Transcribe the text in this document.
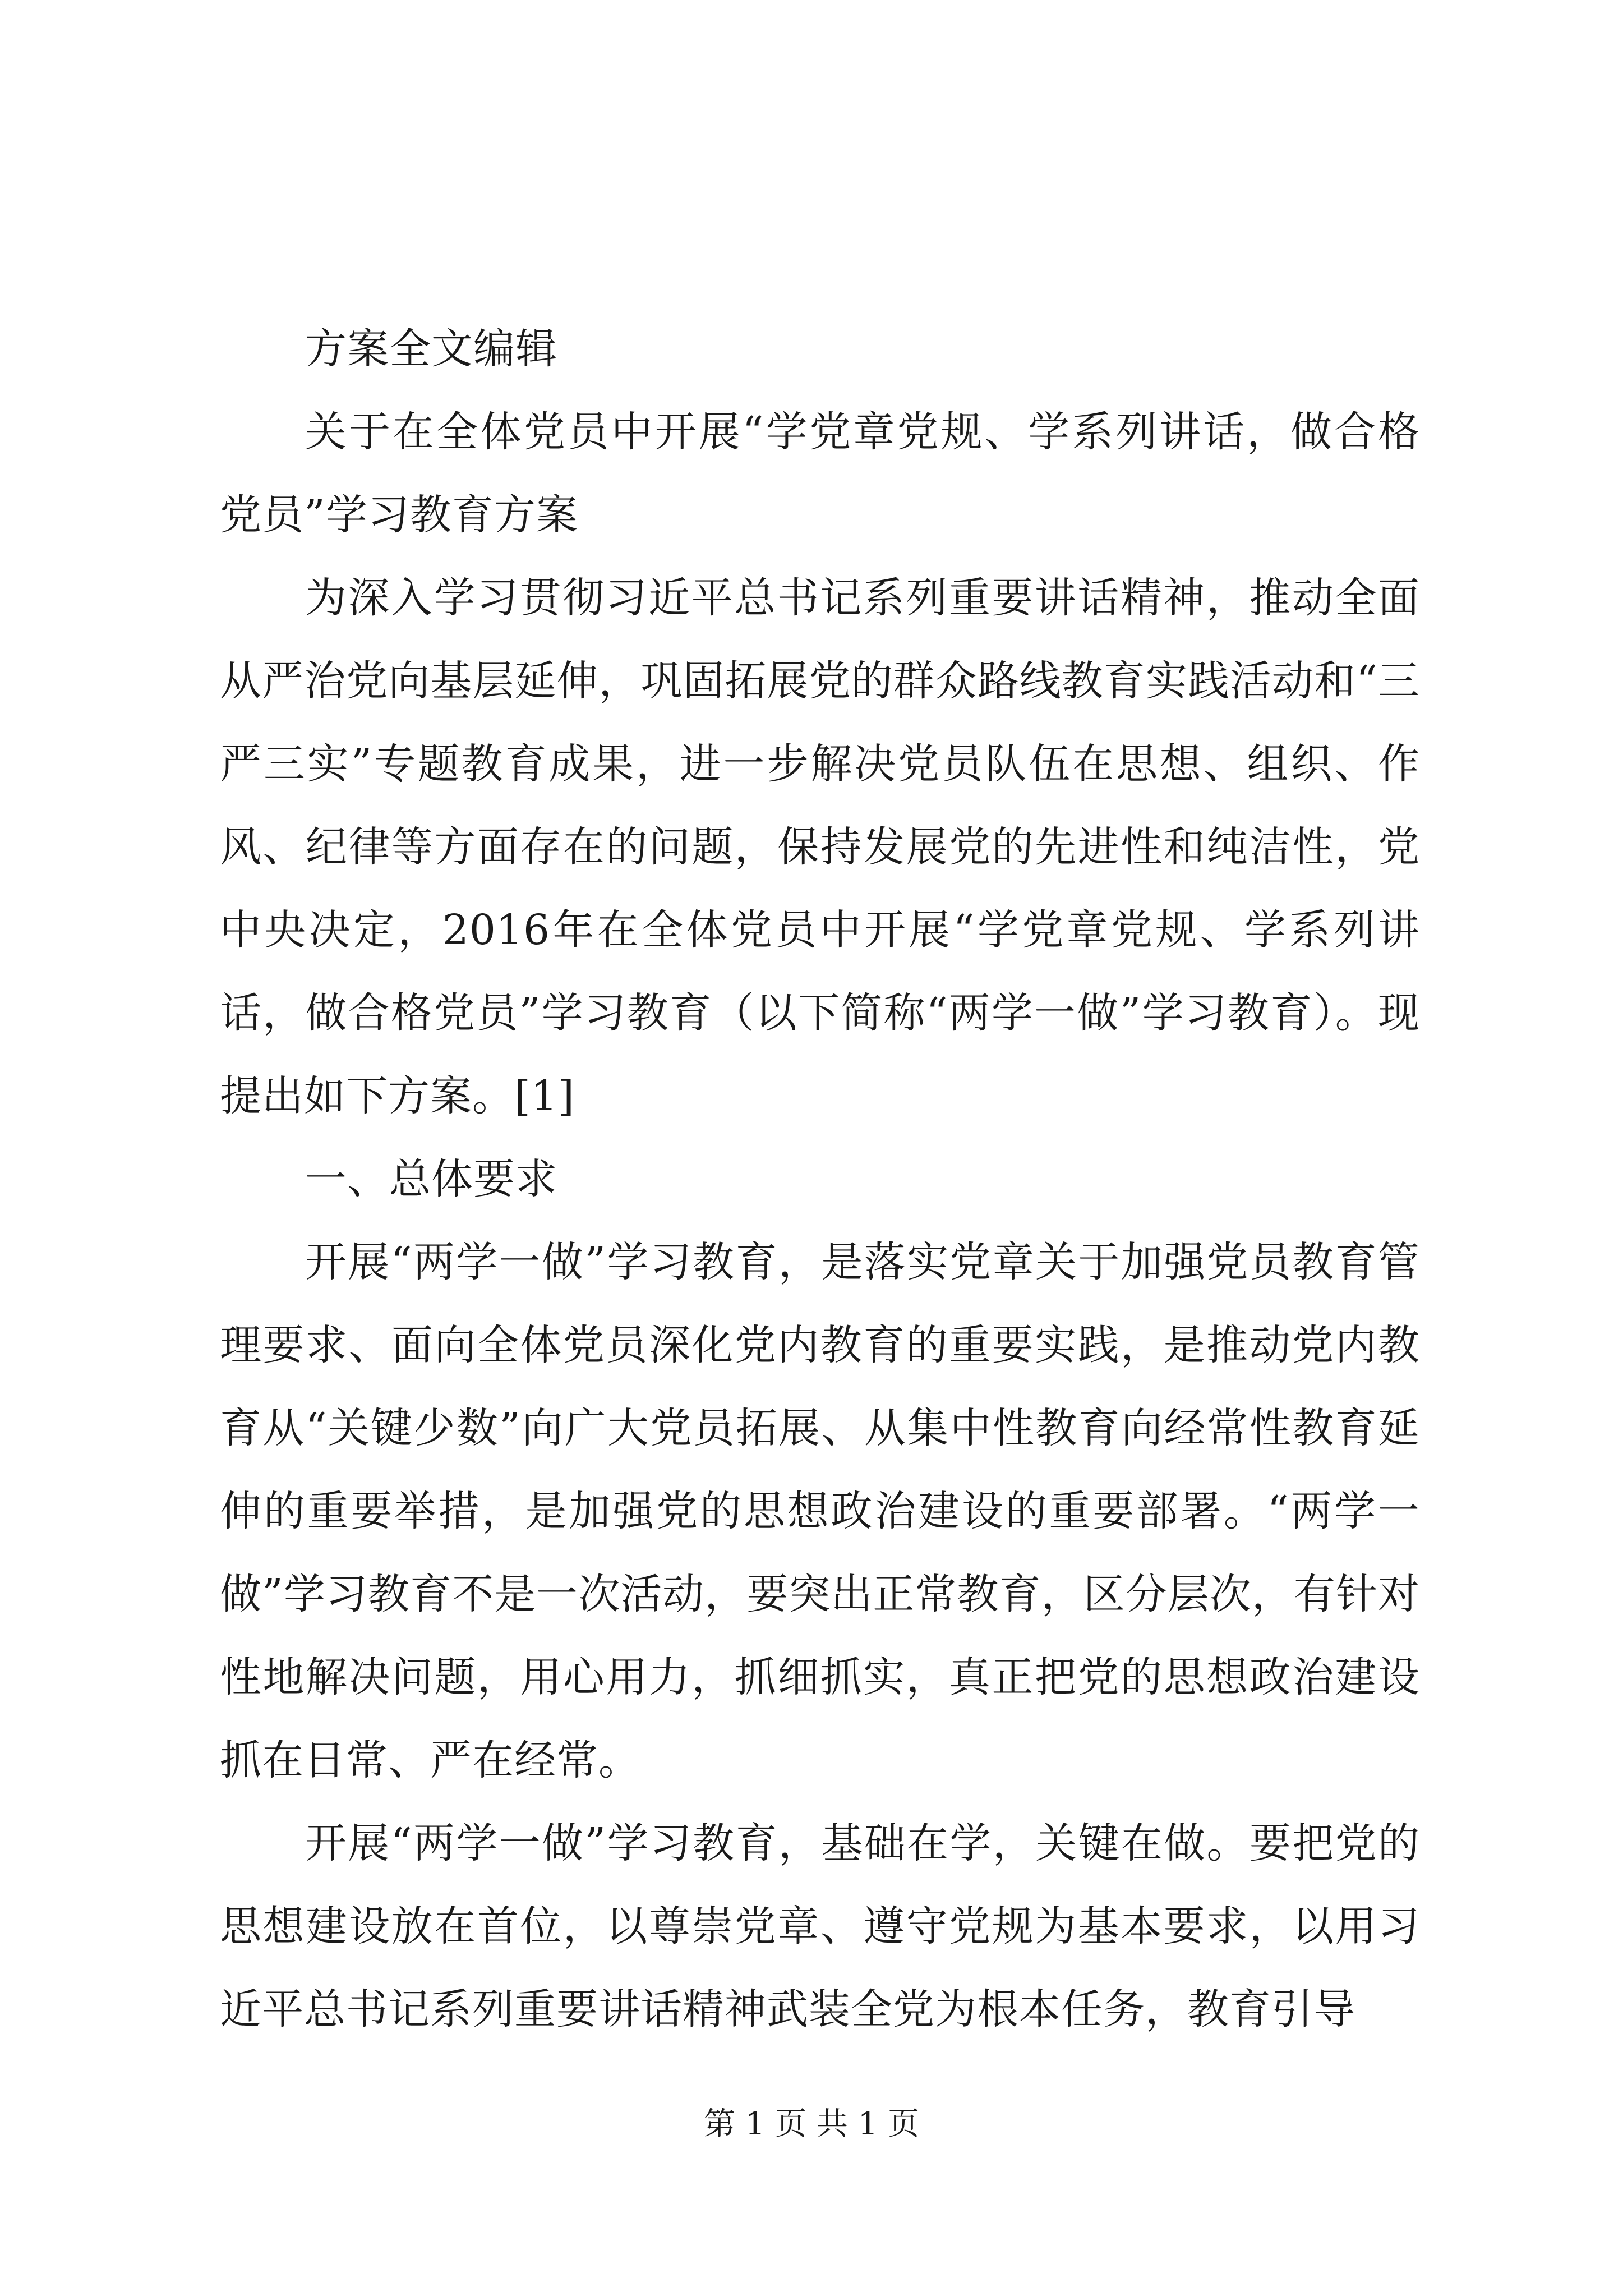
方案全文编辑

关于在全体党员中开展“学党章党规、学系列讲话，做合格党员”学习教育方案

为深入学习贯彻习近平总书记系列重要讲话精神，推动全面从严治党向基层延伸，巩固拓展党的群众路线教育实践活动和“三严三实”专题教育成果，进一步解决党员队伍在思想、组织、作风、纪律等方面存在的问题，保持发展党的先进性和纯洁性，党中央决定，2016年在全体党员中开展“学党章党规、学系列讲话，做合格党员”学习教育（以下简称“两学一做”学习教育）。现提出如下方案。[1]

一、总体要求

开展“两学一做”学习教育，是落实党章关于加强党员教育管理要求、面向全体党员深化党内教育的重要实践，是推动党内教育从“关键少数”向广大党员拓展、从集中性教育向经常性教育延伸的重要举措，是加强党的思想政治建设的重要部署。“两学一做”学习教育不是一次活动，要突出正常教育，区分层次，有针对性地解决问题，用心用力，抓细抓实，真正把党的思想政治建设抓在日常、严在经常。

开展“两学一做”学习教育，基础在学，关键在做。要把党的思想建设放在首位，以尊崇党章、遵守党规为基本要求，以用习近平总书记系列重要讲话精神武装全党为根本任务，教育引导

第 1 页 共 1 页
